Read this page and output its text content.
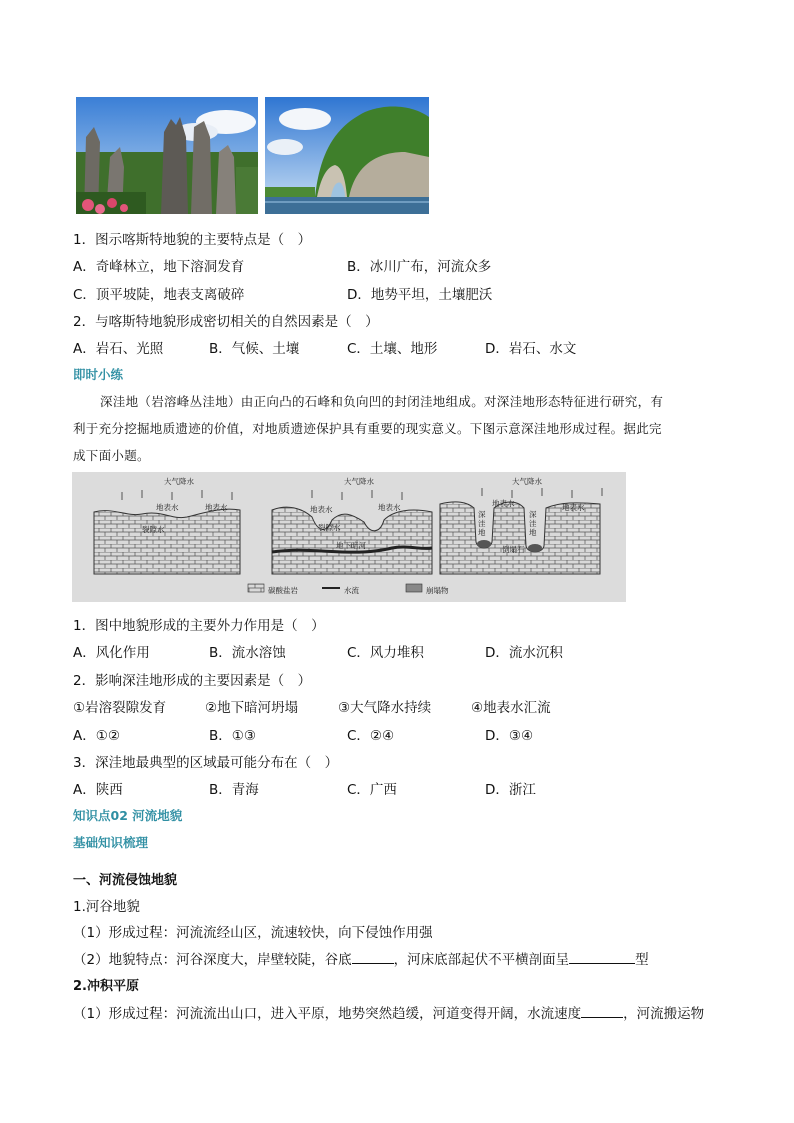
1．图示喀斯特地貌的主要特点是（　）
A．奇峰林立，地下溶洞发育	B．冰川广布，河流众多
C．顶平坡陡，地表支离破碎	D．地势平坦，土壤肥沃
2．与喀斯特地貌形成密切相关的自然因素是（　）
A．岩石、光照	B．气候、土壤	C．土壤、地形	D．岩石、水文
即时小练
深洼地（岩溶峰丛洼地）由正向凸的石峰和负向凹的封闭洼地组成。对深洼地形态特征进行研究，有
利于充分挖掘地质遗迹的价值，对地质遗迹保护具有重要的现实意义。下图示意深洼地形成过程。据此完
成下面小题。
大气降水
地表水	地表水
裂隙水
大气降水
地表水	地表水
裂隙水
地下暗河
大气降水
深洼地
深洼地
地表水	地表水
倒塌石
碳酸盐岩	水流	崩塌物
1．图中地貌形成的主要外力作用是（　）
A．风化作用	B．流水溶蚀	C．风力堆积	D．流水沉积
2．影响深洼地形成的主要因素是（　）
①岩溶裂隙发育	②地下暗河坍塌	③大气降水持续	④地表水汇流
A．①②	B．①③	C．②④	D．③④
3．深洼地最典型的区域最可能分布在（　）
A．陕西	B．青海	C．广西	D．浙江
知识点02 河流地貌
基础知识梳理
一、河流侵蚀地貌
1.河谷地貌
（1）形成过程：河流流经山区，流速较快，向下侵蚀作用强
（2）地貌特点：河谷深度大，岸壁较陡，谷底	，河床底部起伏不平横剖面呈	型
2.冲积平原
（1）形成过程：河流流出山口，进入平原，地势突然趋缓，河道变得开阔，水流速度	，河流搬运物
